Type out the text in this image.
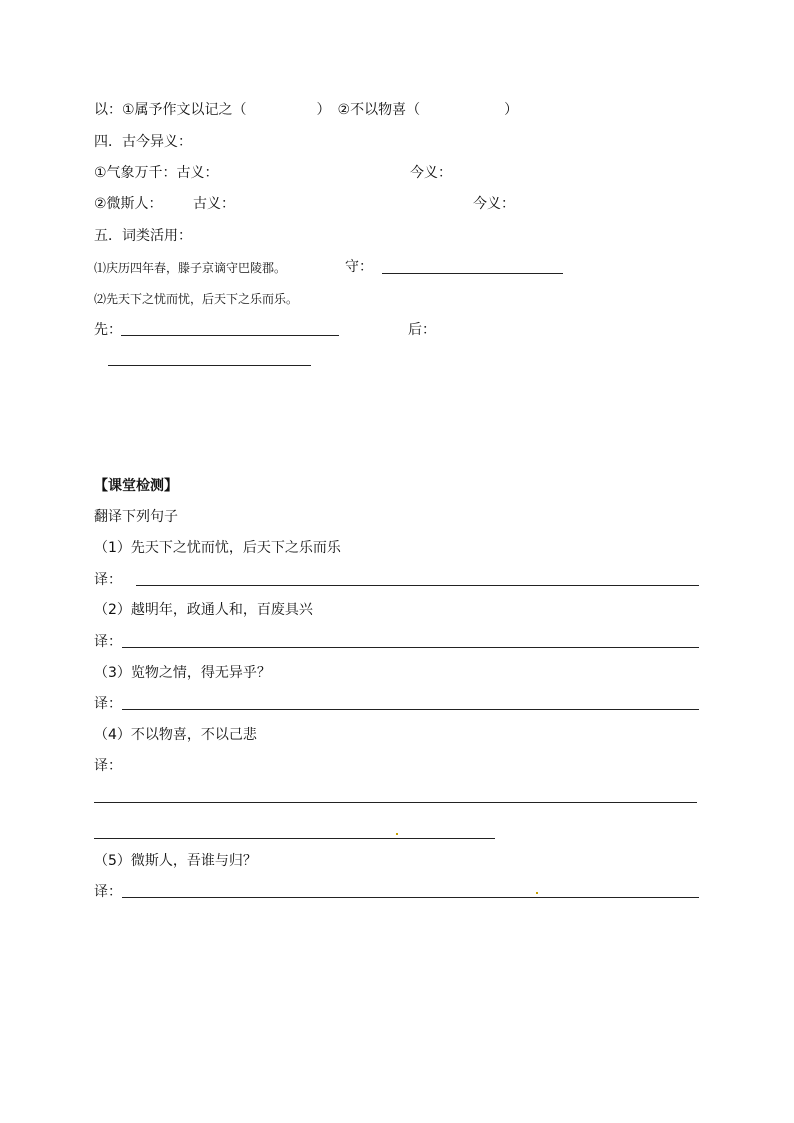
以：①属予作文以记之（　　　　　）　②不以物喜（　　　　　　）
四．古今异义：
①气象万千：古义：	今义：
②微斯人： 古义：	今义：
五．词类活用：
⑴庆历四年春，滕子京谪守巴陵郡。	守：
⑵先天下之忧而忧，后天下之乐而乐。
先：	后：
【课堂检测】
翻译下列句子
（1）先天下之忧而忧，后天下之乐而乐
译：
（2）越明年，政通人和，百废具兴
译：
（3）览物之情，得无异乎？
译：
（4）不以物喜，不以己悲
译：
（5）微斯人，吾谁与归？
译：
